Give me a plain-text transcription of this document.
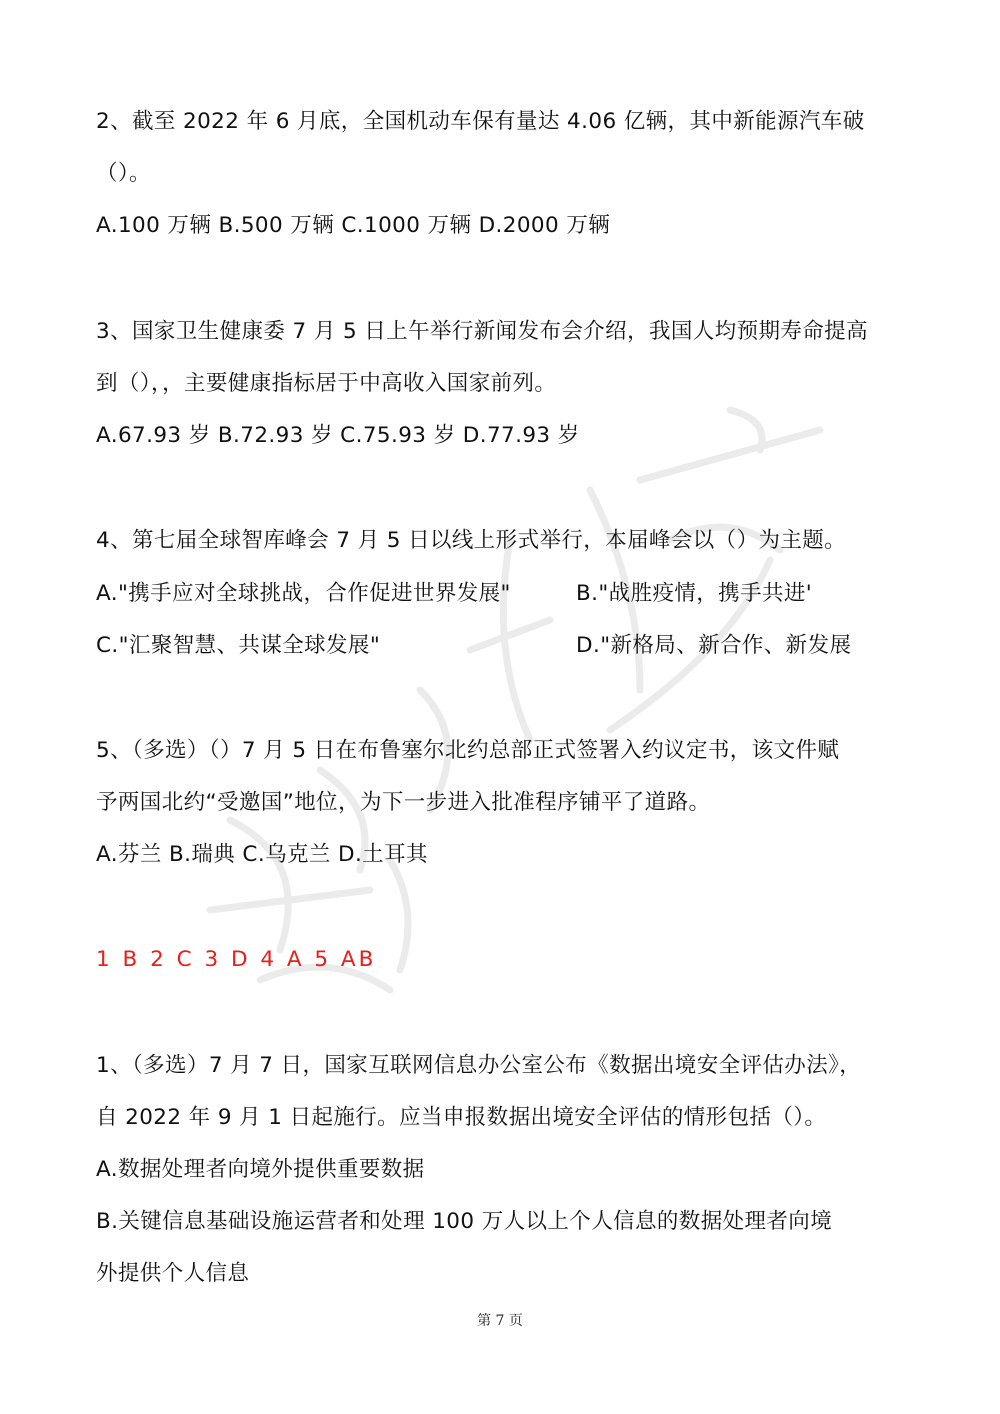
2、截至 2022 年 6 月底，全国机动车保有量达 4.06 亿辆，其中新能源汽车破
（）。
A.100 万辆 B.500 万辆 C.1000 万辆 D.2000 万辆
3、国家卫生健康委 7 月 5 日上午举行新闻发布会介绍，我国人均预期寿命提高
到（），，主要健康指标居于中高收入国家前列。
A.67.93 岁 B.72.93 岁 C.75.93 岁 D.77.93 岁
4、第七届全球智库峰会 7 月 5 日以线上形式举行，本届峰会以（）为主题。
A."携手应对全球挑战，合作促进世界发展"	B."战胜疫情，携手共进'
C."汇聚智慧、共谋全球发展"	D."新格局、新合作、新发展
5、（多选）（）7 月 5 日在布鲁塞尔北约总部正式签署入约议定书，该文件赋
予两国北约“受邀国”地位，为下一步进入批准程序铺平了道路。
A.芬兰 B.瑞典 C.乌克兰 D.土耳其
1 B 2 C 3 D 4 A 5 AB
1、（多选）7 月 7 日，国家互联网信息办公室公布《数据出境安全评估办法》，
自 2022 年 9 月 1 日起施行。应当申报数据出境安全评估的情形包括（）。
A.数据处理者向境外提供重要数据
B.关键信息基础设施运营者和处理 100 万人以上个人信息的数据处理者向境
外提供个人信息
第 7 页
